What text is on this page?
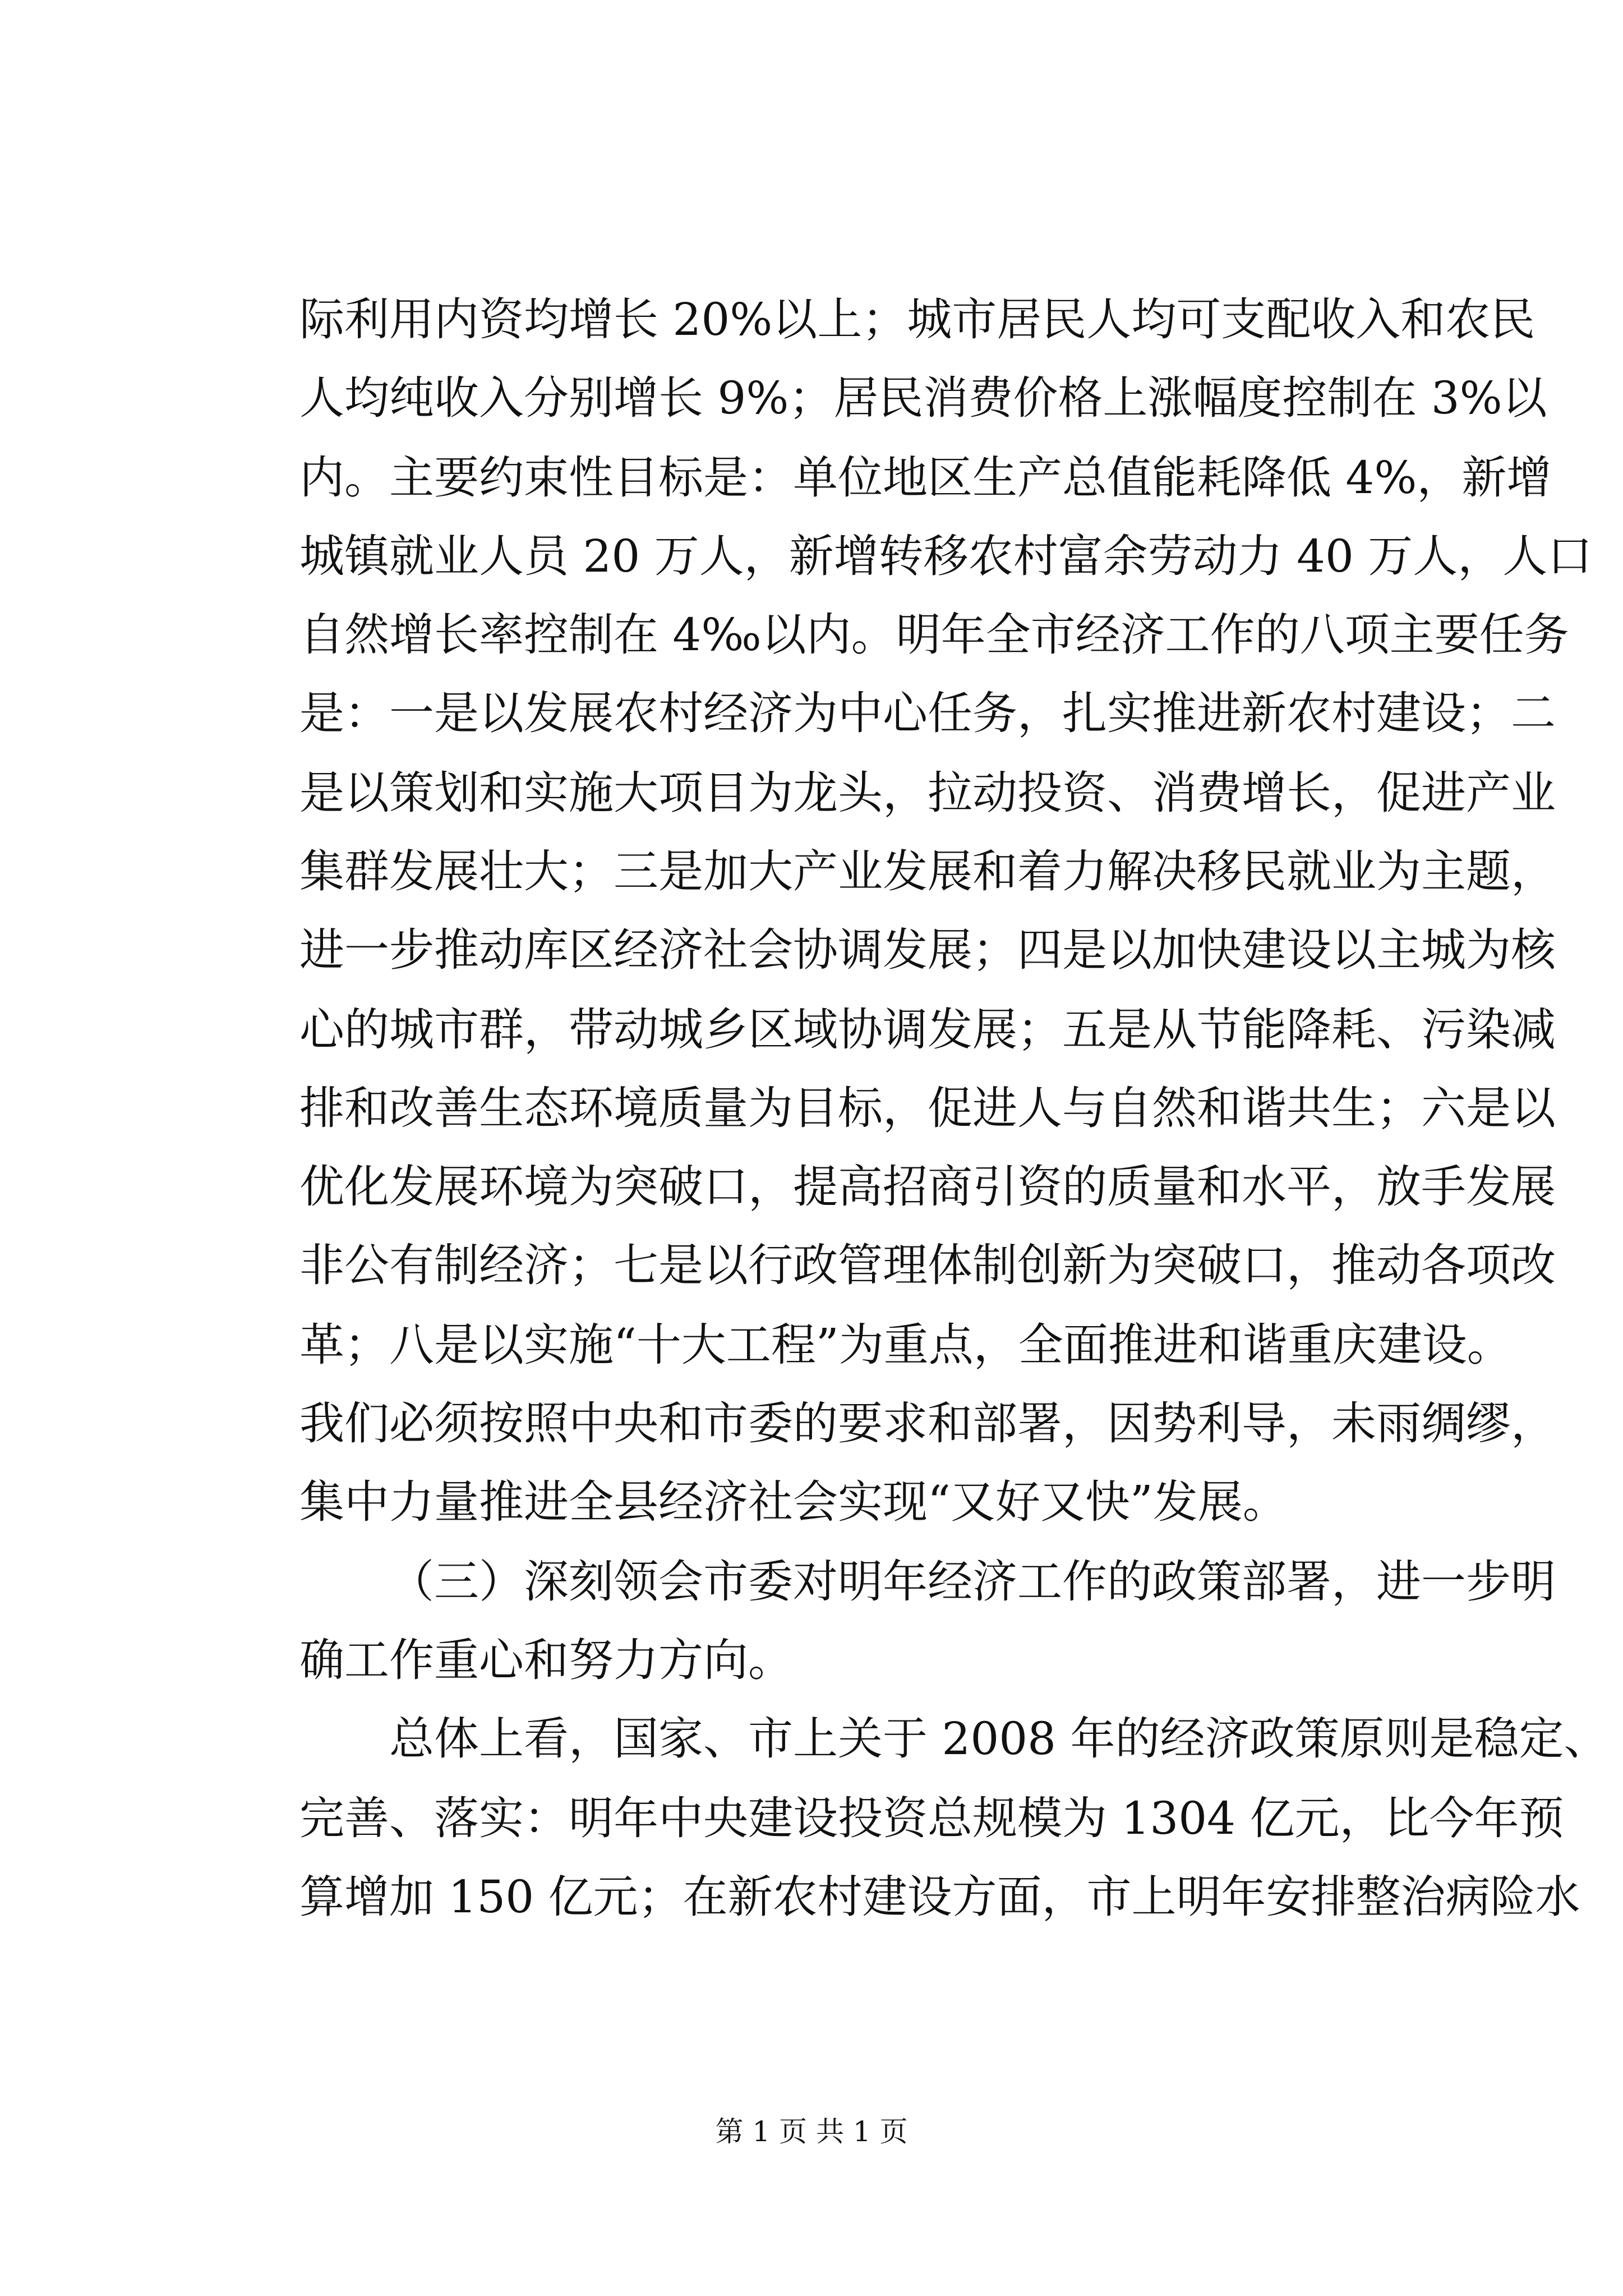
际利用内资均增长 20%以上；城市居民人均可支配收入和农民
人均纯收入分别增长 9%；居民消费价格上涨幅度控制在 3%以
内。主要约束性目标是：单位地区生产总值能耗降低 4%，新增
城镇就业人员 20 万人，新增转移农村富余劳动力 40 万人，人口
自然增长率控制在 4‰以内。明年全市经济工作的八项主要任务
是：一是以发展农村经济为中心任务，扎实推进新农村建设；二
是以策划和实施大项目为龙头，拉动投资、消费增长，促进产业
集群发展壮大；三是加大产业发展和着力解决移民就业为主题，
进一步推动库区经济社会协调发展；四是以加快建设以主城为核
心的城市群，带动城乡区域协调发展；五是从节能降耗、污染减
排和改善生态环境质量为目标，促进人与自然和谐共生；六是以
优化发展环境为突破口，提高招商引资的质量和水平，放手发展
非公有制经济；七是以行政管理体制创新为突破口，推动各项改
革；八是以实施“十大工程”为重点，全面推进和谐重庆建设。
我们必须按照中央和市委的要求和部署，因势利导，未雨绸缪，
集中力量推进全县经济社会实现“又好又快”发展。
（三）深刻领会市委对明年经济工作的政策部署，进一步明
确工作重心和努力方向。
总体上看，国家、市上关于 2008 年的经济政策原则是稳定、
完善、落实：明年中央建设投资总规模为 1304 亿元，比今年预
算增加 150 亿元；在新农村建设方面，市上明年安排整治病险水
第 1 页 共 1 页
